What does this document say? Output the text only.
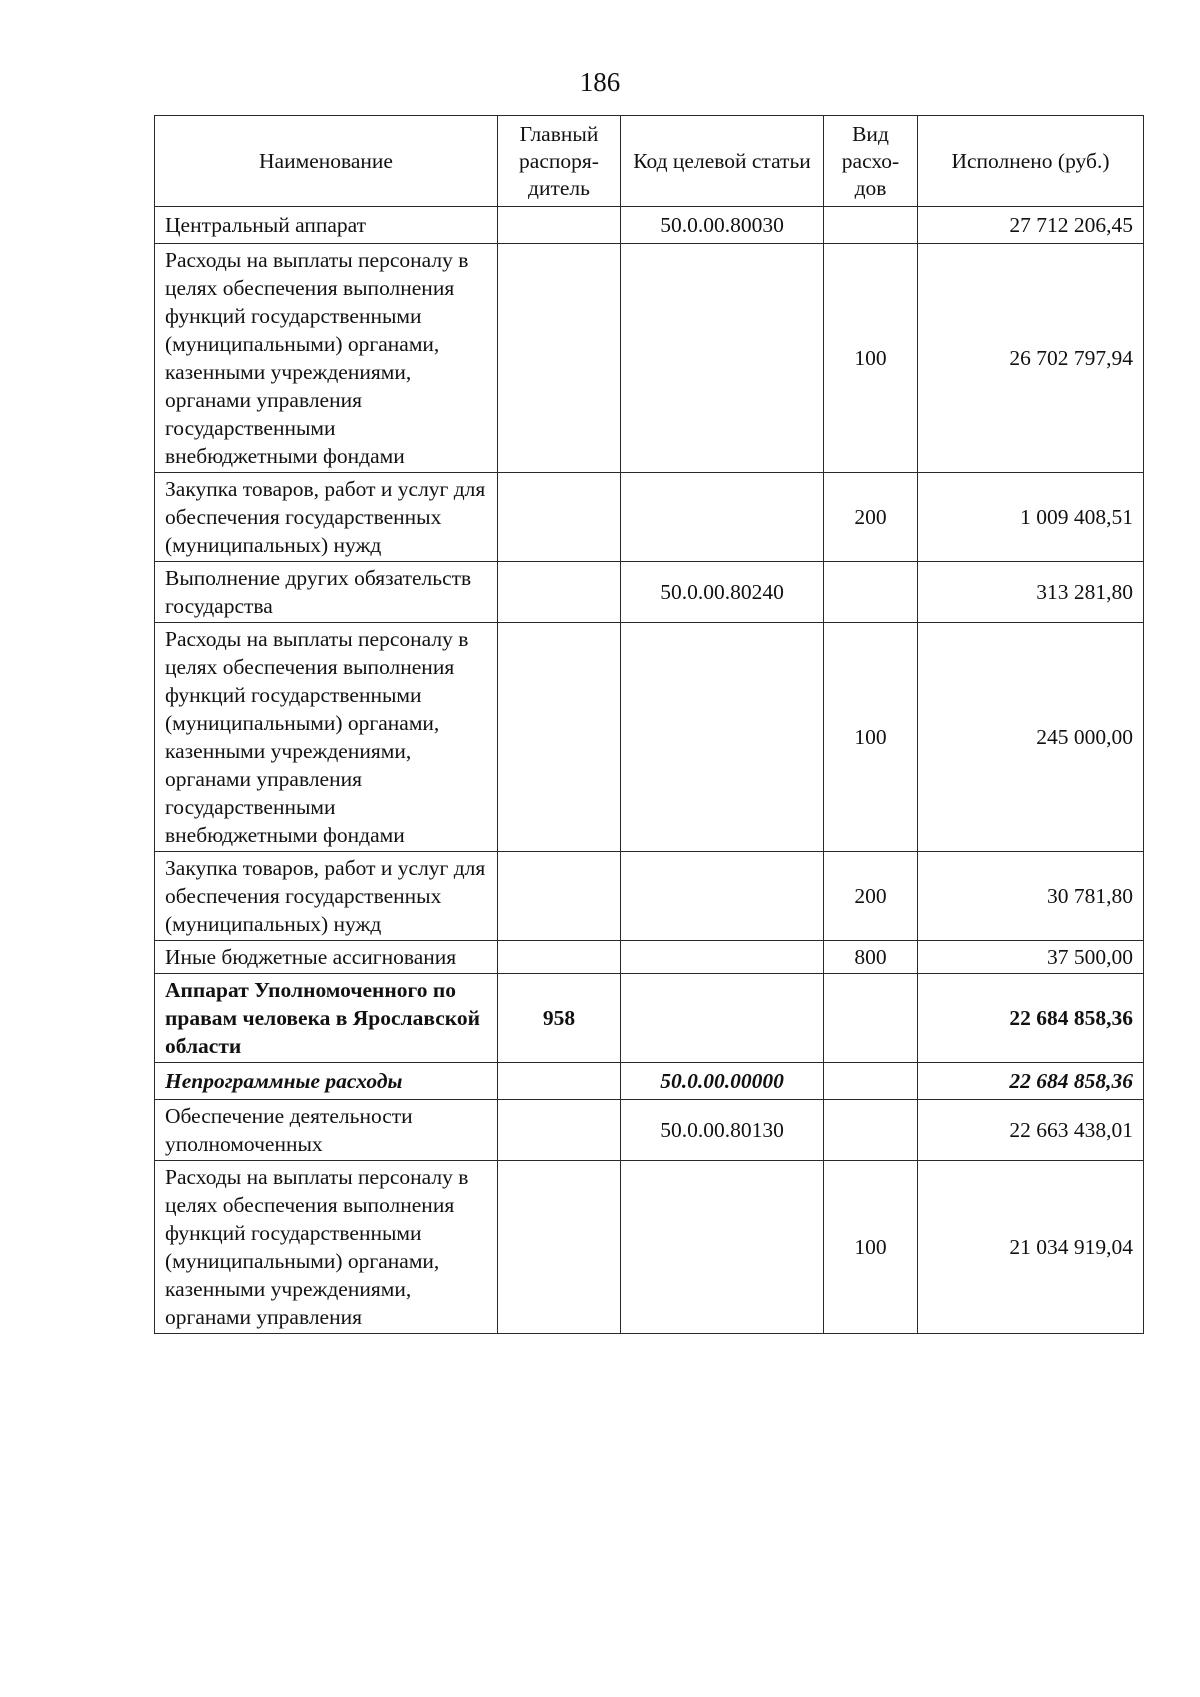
186
Наименование	Главный распоря-дитель	Код целевой статьи	Вид расхо-дов	Исполнено (руб.)
Центральный аппарат		50.0.00.80030		27 712 206,45
Расходы на выплаты персоналу в целях обеспечения выполнения функций государственными (муниципальными) органами, казенными учреждениями, органами управления государственными внебюджетными фондами			100	26 702 797,94
Закупка товаров, работ и услуг для обеспечения государственных (муниципальных) нужд			200	1 009 408,51
Выполнение других обязательств государства		50.0.00.80240		313 281,80
Расходы на выплаты персоналу в целях обеспечения выполнения функций государственными (муниципальными) органами, казенными учреждениями, органами управления государственными внебюджетными фондами			100	245 000,00
Закупка товаров, работ и услуг для обеспечения государственных (муниципальных) нужд			200	30 781,80
Иные бюджетные ассигнования			800	37 500,00
Аппарат Уполномоченного по правам человека в Ярославской области	958			22 684 858,36
Непрограммные расходы		50.0.00.00000		22 684 858,36
Обеспечение деятельности уполномоченных		50.0.00.80130		22 663 438,01
Расходы на выплаты персоналу в целях обеспечения выполнения функций государственными (муниципальными) органами, казенными учреждениями, органами управления			100	21 034 919,04
